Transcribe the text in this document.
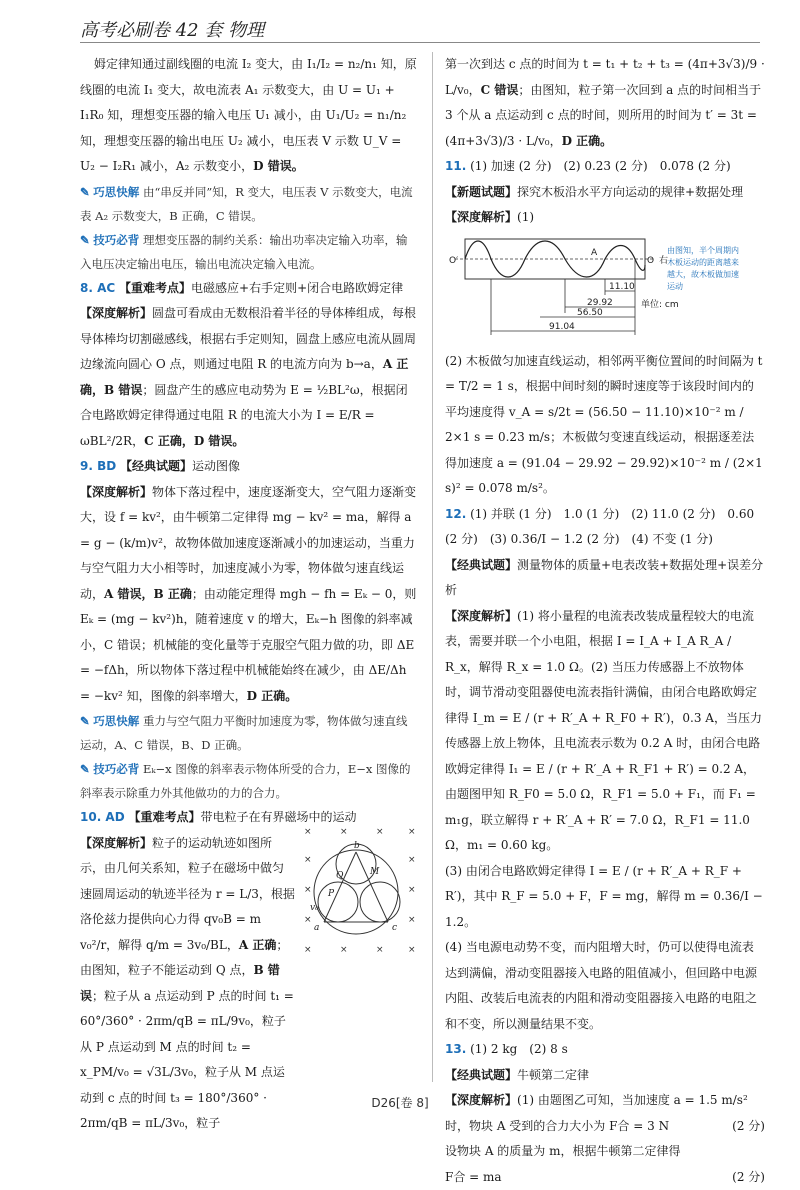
高考必刷卷 42 套 物理

姆定律知通过副线圈的电流 I₂ 变大，由 I₁/I₂ = n₂/n₁ 知，原线圈的电流 I₁ 变大，故电流表 A₁ 示数变大，由 U = U₁ + I₁R₀ 知，理想变压器的输入电压 U₁ 减小，由 U₁/U₂ = n₁/n₂ 知，理想变压器的输出电压 U₂ 减小，电压表 V 示数 U_V = U₂ − I₂R₁ 减小，A₂ 示数变小，D 错误。

✎ 巧思快解 由“串反并同”知，R 变大，电压表 V 示数变大，电流表 A₂ 示数变大，B 正确，C 错误。

✎ 技巧必背 理想变压器的制约关系：输出功率决定输入功率，输入电压决定输出电压，输出电流决定输入电流。

8. AC 【重难考点】电磁感应+右手定则+闭合电路欧姆定律

【深度解析】圆盘可看成由无数根沿着半径的导体棒组成，每根导体棒均切割磁感线，根据右手定则知，圆盘上感应电流从圆周边缘流向圆心 O 点，则通过电阻 R 的电流方向为 b→a，A 正确，B 错误；圆盘产生的感应电动势为 E = ½BL²ω，根据闭合电路欧姆定律得通过电阻 R 的电流大小为 I = E/R = ωBL²/2R，C 正确，D 错误。

9. BD 【经典试题】运动图像

【深度解析】物体下落过程中，速度逐渐变大，空气阻力逐渐变大，设 f = kv²，由牛顿第二定律得 mg − kv² = ma，解得 a = g − (k/m)v²，故物体做加速度逐渐减小的加速运动，当重力与空气阻力大小相等时，加速度减小为零，物体做匀速直线运动，A 错误，B 正确；由动能定理得 mgh − fh = Eₖ − 0，则 Eₖ = (mg − kv²)h，随着速度 v 的增大，Eₖ−h 图像的斜率减小，C 错误；机械能的变化量等于克服空气阻力做的功，即 ΔE = −fΔh，所以物体下落过程中机械能始终在减少，由 ΔE/Δh = −kv² 知，图像的斜率增大，D 正确。

✎ 巧思快解 重力与空气阻力平衡时加速度为零，物体做匀速直线运动，A、C 错误，B、D 正确。

✎ 技巧必背 Eₖ−x 图像的斜率表示物体所受的合力，E−x 图像的斜率表示除重力外其他做功的力的合力。

10. AD 【重难考点】带电粒子在有界磁场中的运动

【深度解析】粒子的运动轨迹如图所示，由几何关系知，粒子在磁场中做匀速圆周运动的轨迹半径为 r = L/3，根据洛伦兹力提供向心力得 qv₀B = m v₀²/r，解得 q/m = 3v₀/BL，A 正确；由图知，粒子不能运动到 Q 点，B 错误；粒子从 a 点运动到 P 点的时间 t₁ = 60°/360° · 2πm/qB = πL/9v₀，粒子从 P 点运动到 M 点的时间 t₂ = x_PM/v₀ = √3L/3v₀，粒子从 M 点运动到 c 点的时间 t₃ = 180°/360° · 2πm/qB = πL/3v₀，粒子

×	×	×	×
×	×
×	×
×	×
×	×	×	×
b
M
Q
P
a	c
v₀

第一次到达 c 点的时间为 t = t₁ + t₂ + t₃ = (4π+3√3)/9 · L/v₀，C 错误；由图知，粒子第一次回到 a 点的时间相当于 3 个从 a 点运动到 c 点的时间，则所用的时间为 t′ = 3t = (4π+3√3)/3 · L/v₀，D 正确。

11. (1) 加速 (2 分)　(2) 0.23 (2 分)　0.078 (2 分)

【新题试题】探究木板沿水平方向运动的规律+数据处理

【深度解析】(1)

O′
A
O 右
11.10
29.92
56.50
91.04
单位: cm
由图知，半个周期内木板运动的距离越来越大，故木板做加速运动

(2) 木板做匀加速直线运动，相邻两平衡位置间的时间隔为 t = T/2 = 1 s，根据中间时刻的瞬时速度等于该段时间内的平均速度得 v_A = s/2t = (56.50 − 11.10)×10⁻² m / 2×1 s = 0.23 m/s；木板做匀变速直线运动，根据逐差法得加速度 a = (91.04 − 29.92 − 29.92)×10⁻² m / (2×1 s)² = 0.078 m/s²。

12. (1) 并联 (1 分)　1.0 (1 分)　(2) 11.0 (2 分)　0.60 (2 分)　(3) 0.36/I − 1.2 (2 分)　(4) 不变 (1 分)

【经典试题】测量物体的质量+电表改装+数据处理+误差分析

【深度解析】(1) 将小量程的电流表改装成量程较大的电流表，需要并联一个小电阻，根据 I = I_A + I_A R_A / R_x，解得 R_x = 1.0 Ω。(2) 当压力传感器上不放物体时，调节滑动变阻器使电流表指针满偏，由闭合电路欧姆定律得 I_m = E / (r + R′_A + R_F0 + R′)，0.3 A，当压力传感器上放上物体，且电流表示数为 0.2 A 时，由闭合电路欧姆定律得 I₁ = E / (r + R′_A + R_F1 + R′) = 0.2 A，由题图甲知 R_F0 = 5.0 Ω，R_F1 = 5.0 + F₁，而 F₁ = m₁g，联立解得 r + R′_A + R′ = 7.0 Ω，R_F1 = 11.0 Ω，m₁ = 0.60 kg。

(3) 由闭合电路欧姆定律得 I = E / (r + R′_A + R_F + R′)，其中 R_F = 5.0 + F，F = mg，解得 m = 0.36/I − 1.2。

(4) 当电源电动势不变，而内阻增大时，仍可以使得电流表达到满偏，滑动变阻器接入电路的阻值减小，但回路中电源内阻、改装后电流表的内阻和滑动变阻器接入电路的电阻之和不变，所以测量结果不变。

13. (1) 2 kg　(2) 8 s

【经典试题】牛顿第二定律

【深度解析】(1) 由题图乙可知，当加速度 a = 1.5 m/s² 时，物块 A 受到的合力大小为 F合 = 3 N	(2 分)

设物块 A 的质量为 m，根据牛顿第二定律得

F合 = ma	(2 分)

D26[卷 8]
